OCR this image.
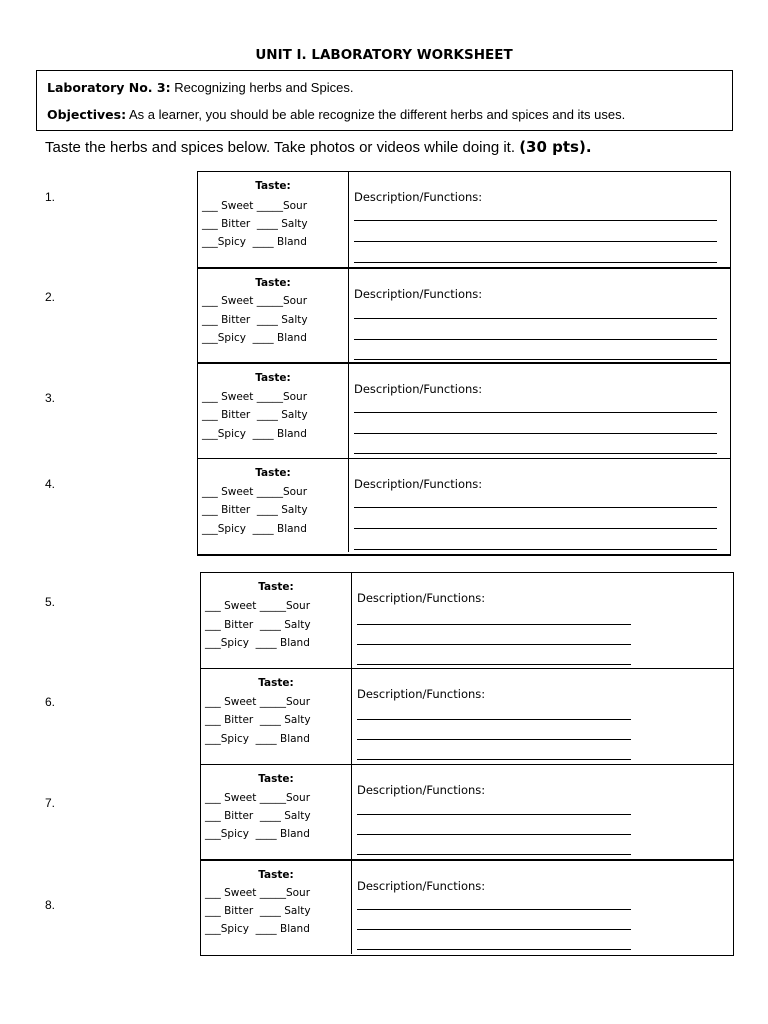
UNIT I. LABORATORY WORKSHEET
Laboratory No. 3: Recognizing herbs and Spices.
Objectives: As a learner, you should be able recognize the different herbs and spices and its uses.
Taste the herbs and spices below. Take photos or videos while doing it. (30 pts).
1.
2.
3.
4.
5.
6.
7.
8.
Taste:
___ Sweet _____Sour
___ Bitter  ____ Salty
___Spicy  ____ Bland
Description/Functions:
Taste:
___ Sweet _____Sour
___ Bitter  ____ Salty
___Spicy  ____ Bland
Description/Functions:
Taste:
___ Sweet _____Sour
___ Bitter  ____ Salty
___Spicy  ____ Bland
Description/Functions:
Taste:
___ Sweet _____Sour
___ Bitter  ____ Salty
___Spicy  ____ Bland
Description/Functions:
Taste:
___ Sweet _____Sour
___ Bitter  ____ Salty
___Spicy  ____ Bland
Description/Functions:
Taste:
___ Sweet _____Sour
___ Bitter  ____ Salty
___Spicy  ____ Bland
Description/Functions:
Taste:
___ Sweet _____Sour
___ Bitter  ____ Salty
___Spicy  ____ Bland
Description/Functions:
Taste:
___ Sweet _____Sour
___ Bitter  ____ Salty
___Spicy  ____ Bland
Description/Functions:
